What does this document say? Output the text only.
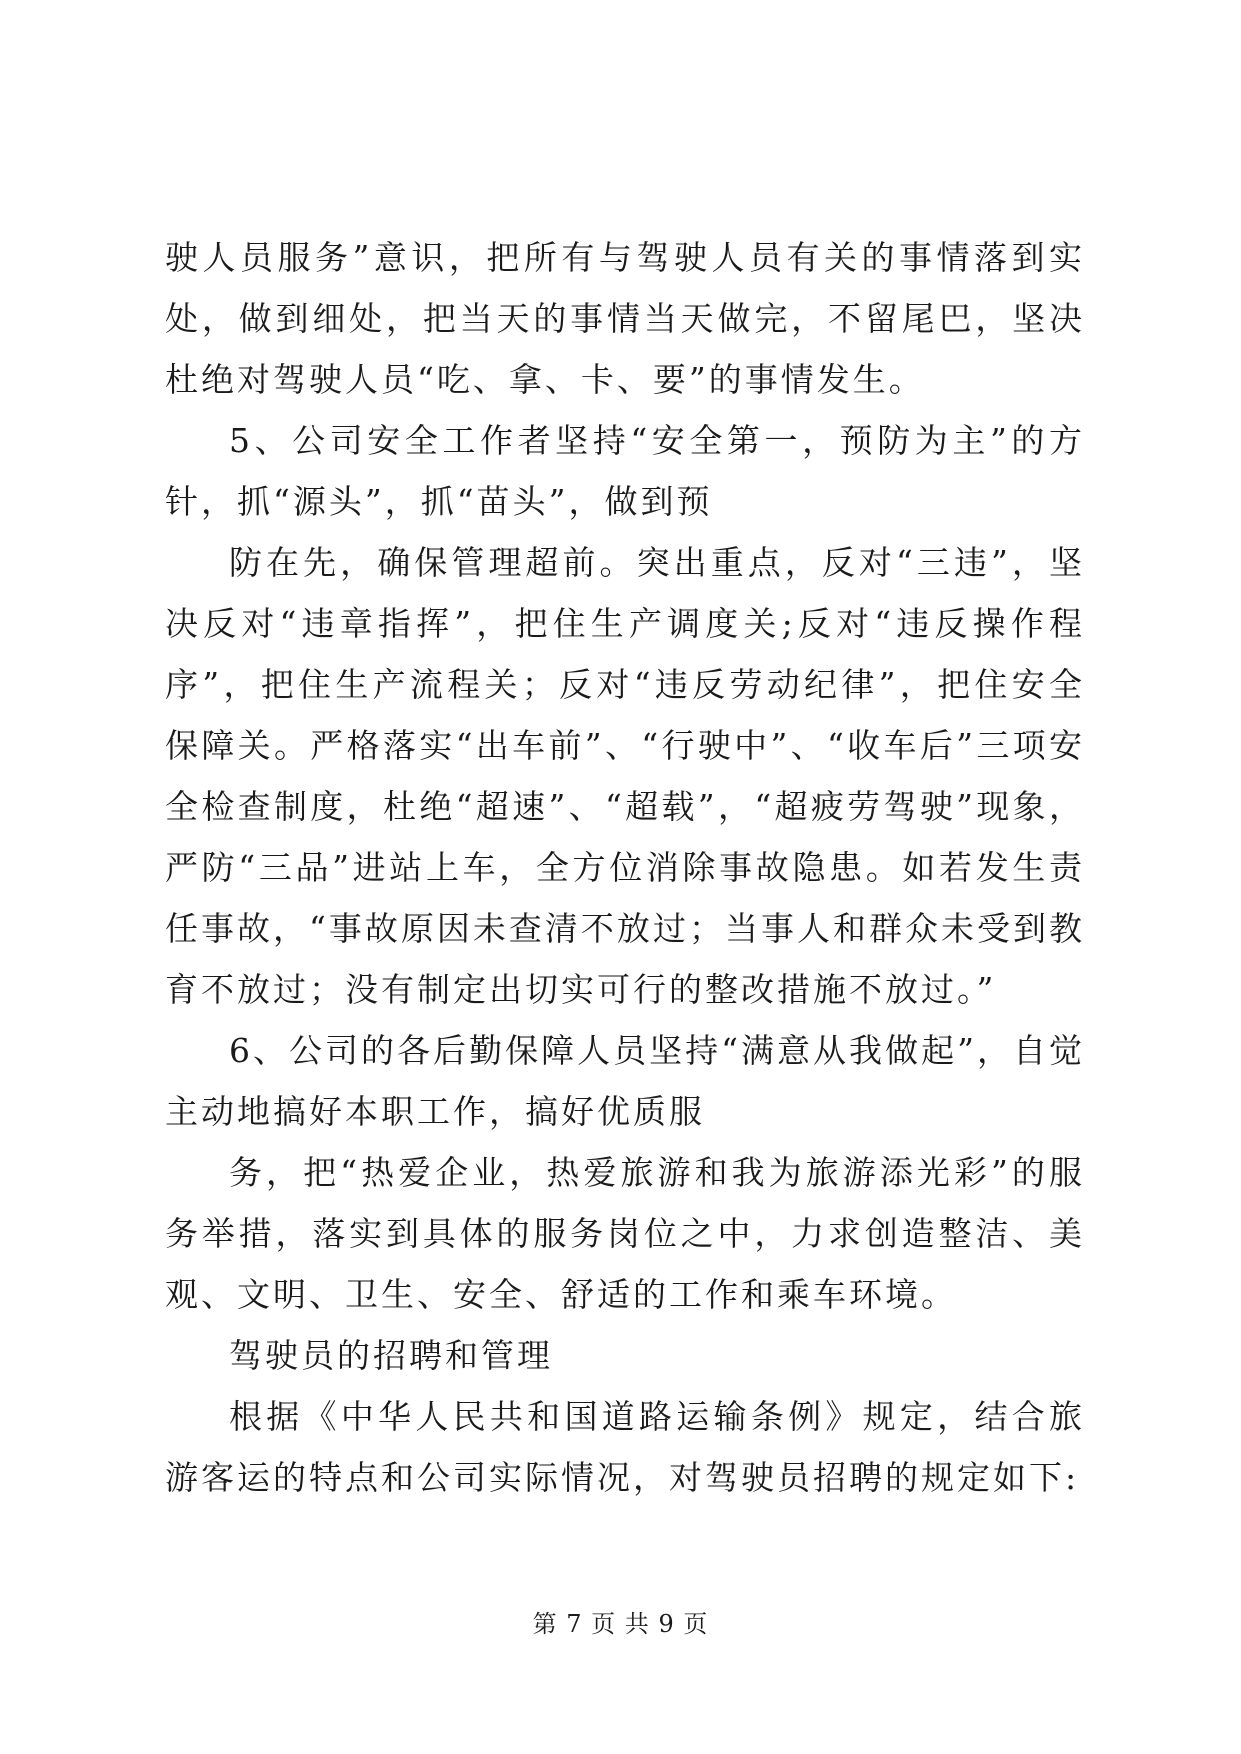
驶人员服务”意识，把所有与驾驶人员有关的事情落到实处，做到细处，把当天的事情当天做完，不留尾巴，坚决杜绝对驾驶人员“吃、拿、卡、要”的事情发生。

5、公司安全工作者坚持“安全第一，预防为主”的方针，抓“源头”，抓“苗头”，做到预

防在先，确保管理超前。突出重点，反对“三违”，坚决反对“违章指挥”，把住生产调度关;反对“违反操作程序”，把住生产流程关；反对“违反劳动纪律”，把住安全保障关。严格落实“出车前”、“行驶中”、“收车后”三项安全检查制度，杜绝“超速”、“超载”，“超疲劳驾驶”现象，严防“三品”进站上车，全方位消除事故隐患。如若发生责任事故，“事故原因未查清不放过；当事人和群众未受到教育不放过；没有制定出切实可行的整改措施不放过。”

6、公司的各后勤保障人员坚持“满意从我做起”，自觉主动地搞好本职工作，搞好优质服

务，把“热爱企业，热爱旅游和我为旅游添光彩”的服务举措，落实到具体的服务岗位之中，力求创造整洁、美观、文明、卫生、安全、舒适的工作和乘车环境。

驾驶员的招聘和管理

根据《中华人民共和国道路运输条例》规定，结合旅游客运的特点和公司实际情况，对驾驶员招聘的规定如下:

第 7 页 共 9 页
